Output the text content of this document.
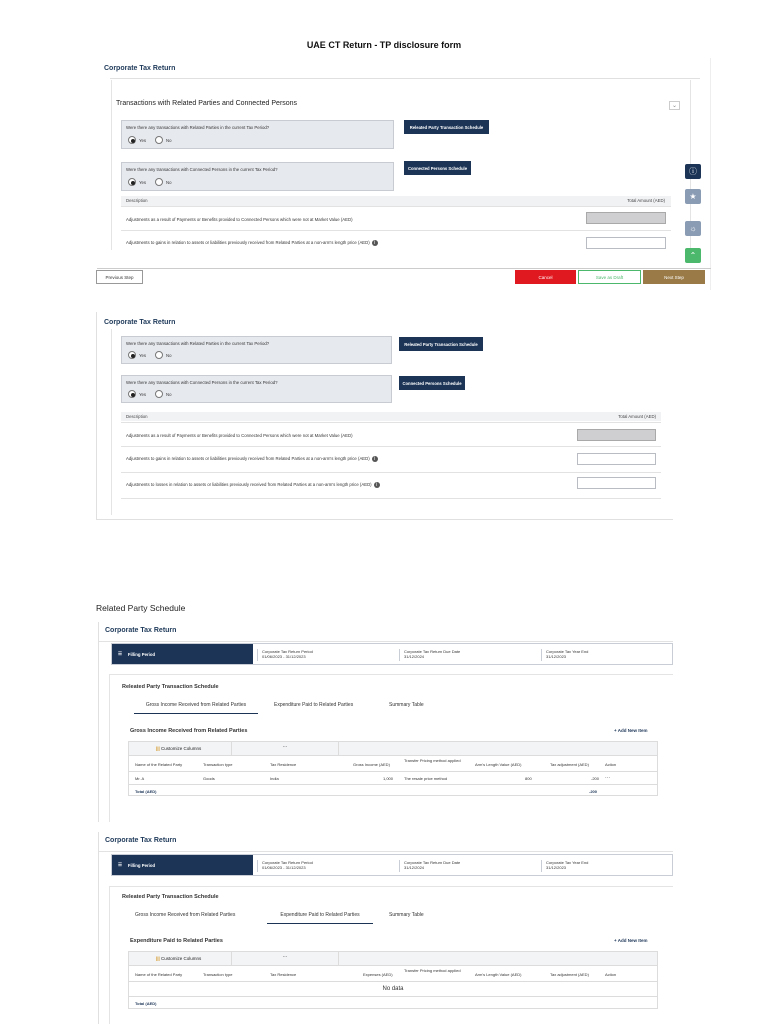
UAE CT Return - TP disclosure form
Corporate Tax Return
Transactions with Related Parties and Connected Persons	⌄
Were there any transactions with Related Parties in the current Tax Period?
Yes	No
Releated Party Transaction Schedule
Were there any transactions with Connected Persons in the current Tax Period?
Yes	No
Connected Persons Schedule
Description	Total Amount (AED)
Adjustments as a result of Payments or Benefits provided to Connected Persons which were not at Market Value (AED)
Adjustments to gains in relation to assets or liabilities previously received from Related Parties at a non-arm's length price (AED) i
ⓘ
★
☼
⌃
Previous Step	Cancel	Save as Draft	Next Step
Corporate Tax Return
Were there any transactions with Related Parties in the current Tax Period?
Yes	No
Releated Party Transaction Schedule
Were there any transactions with Connected Persons in the current Tax Period?
Yes	No
Connected Persons Schedule
Description	Total Amount (AED)
Adjustments as a result of Payments or Benefits provided to Connected Persons which were not at Market Value (AED)
Adjustments to gains in relation to assets or liabilities previously received from Related Parties at a non-arm's length price (AED) i
Adjustments to losses in relation to assets or liabilities previously received from Related Parties at a non-arm's length price (AED) i
Related Party Schedule
Corporate Tax Return
☰ Filling Period	Corporate Tax Return Period
01/06/2023 - 31/12/2023
Corporate Tax Return Due Date
31/12/2024
Corporate Tax Year End
31/12/2023
Releated Party Transaction Schedule
Gross Income Received from Related Parties	Expenditure Paid to Related Parties	Summary Table
Gross Income Received from Related Parties	+ Add New Item
||| Customize Columns	···
Name of the Related Party	Transaction type	Tax Residence	Gross Income (AED)
Transfer Pricing method applied
Arm's Length Value (AED)	Tax adjustment (AED)	Action
Mr. A	Goods	India	1,000	The resale price method	800	-200 ···
Total (AED)	-200
Corporate Tax Return
☰ Filling Period	Corporate Tax Return Period
01/06/2023 - 31/12/2023
Corporate Tax Return Due Date
31/12/2024
Corporate Tax Year End
31/12/2023
Releated Party Transaction Schedule
Gross Income Received from Related Parties	Expenditure Paid to Related Parties	Summary Table
Expenditure Paid to Related Parties	+ Add New Item
||| Customize Columns	···
Name of the Related Party	Transaction type	Tax Residence	Expenses (AED)
Transfer Pricing method applied
Arm's Length Value (AED)	Tax adjustment (AED)	Action
No data
Total (AED)
